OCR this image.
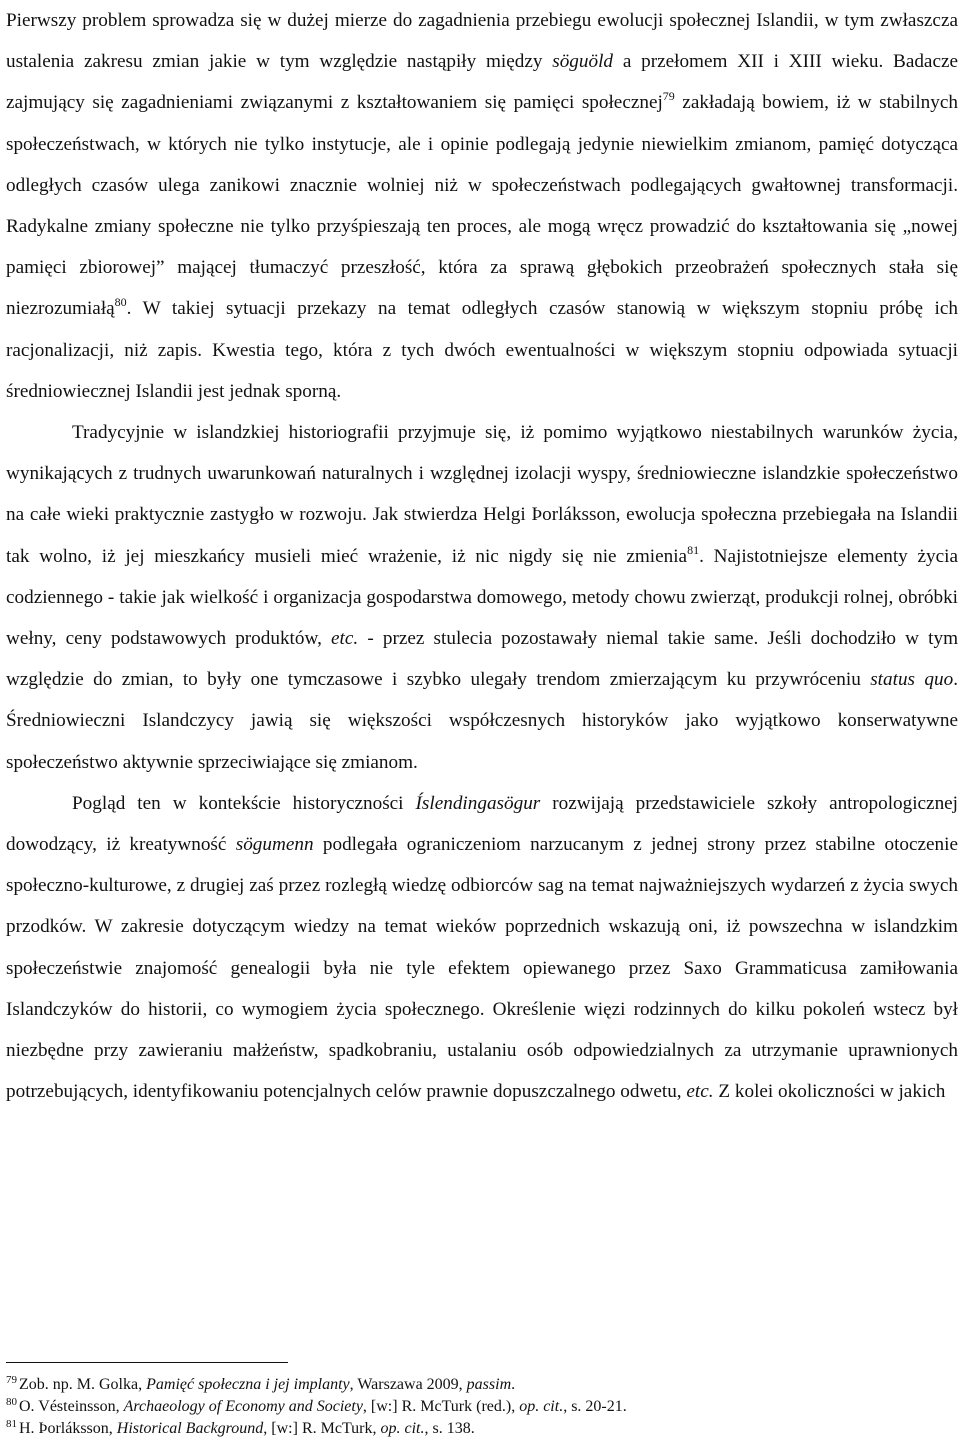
Pierwszy problem sprowadza się w dużej mierze do zagadnienia przebiegu ewolucji społecznej Islandii, w tym zwłaszcza ustalenia zakresu zmian jakie w tym względzie nastąpiły między söguöld a przełomem XII i XIII wieku. Badacze zajmujący się zagadnieniami związanymi z kształtowaniem się pamięci społecznej$^{79}$ zakładają bowiem, iż w stabilnych społeczeństwach, w których nie tylko instytucje, ale i opinie podlegają jedynie niewielkim zmianom, pamięć dotycząca odległych czasów ulega zanikowi znacznie wolniej niż w społeczeństwach podlegających gwałtownej transformacji. Radykalne zmiany społeczne nie tylko przyśpieszają ten proces, ale mogą wręcz prowadzić do kształtowania się „nowej pamięci zbiorowej” mającej tłumaczyć przeszłość, która za sprawą głębokich przeobrażeń społecznych stała się niezrozumiałą$^{80}$. W takiej sytuacji przekazy na temat odległych czasów stanowią w większym stopniu próbę ich racjonalizacji, niż zapis. Kwestia tego, która z tych dwóch ewentualności w większym stopniu odpowiada sytuacji średniowiecznej Islandii jest jednak sporną.

Tradycyjnie w islandzkiej historiografii przyjmuje się, iż pomimo wyjątkowo niestabilnych warunków życia, wynikających z trudnych uwarunkowań naturalnych i względnej izolacji wyspy, średniowieczne islandzkie społeczeństwo na całe wieki praktycznie zastygło w rozwoju. Jak stwierdza Helgi Þorláksson, ewolucja społeczna przebiegała na Islandii tak wolno, iż jej mieszkańcy musieli mieć wrażenie, iż nic nigdy się nie zmienia$^{81}$. Najistotniejsze elementy życia codziennego - takie jak wielkość i organizacja gospodarstwa domowego, metody chowu zwierząt, produkcji rolnej, obróbki wełny, ceny podstawowych produktów, etc. - przez stulecia pozostawały niemal takie same. Jeśli dochodziło w tym względzie do zmian, to były one tymczasowe i szybko ulegały trendom zmierzającym ku przywróceniu status quo. Średniowieczni Islandczycy jawią się większości współczesnych historyków jako wyjątkowo konserwatywne społeczeństwo aktywnie sprzeciwiające się zmianom.

Pogląd ten w kontekście historyczności Íslendingasögur rozwijają przedstawiciele szkoły antropologicznej dowodzący, iż kreatywność sögumenn podlegała ograniczeniom narzucanym z jednej strony przez stabilne otoczenie społeczno-kulturowe, z drugiej zaś przez rozległą wiedzę odbiorców sag na temat najważniejszych wydarzeń z życia swych przodków. W zakresie dotyczącym wiedzy na temat wieków poprzednich wskazują oni, iż powszechna w islandzkim społeczeństwie znajomość genealogii była nie tyle efektem opiewanego przez Saxo Grammaticusa zamiłowania Islandczyków do historii, co wymogiem życia społecznego. Określenie więzi rodzinnych do kilku pokoleń wstecz był niezbędne przy zawieraniu małżeństw, spadkobraniu, ustalaniu osób odpowiedzialnych za utrzymanie uprawnionych potrzebujących, identyfikowaniu potencjalnych celów prawnie dopuszczalnego odwetu, etc. Z kolei okoliczności w jakich

$^{79}$ Zob. np. M. Golka, Pamięć społeczna i jej implanty, Warszawa 2009, passim.

$^{80}$ O. Vésteinsson, Archaeology of Economy and Society, [w:] R. McTurk (red.), op. cit., s. 20-21.

$^{81}$ H. Þorláksson, Historical Background, [w:] R. McTurk, op. cit., s. 138.
